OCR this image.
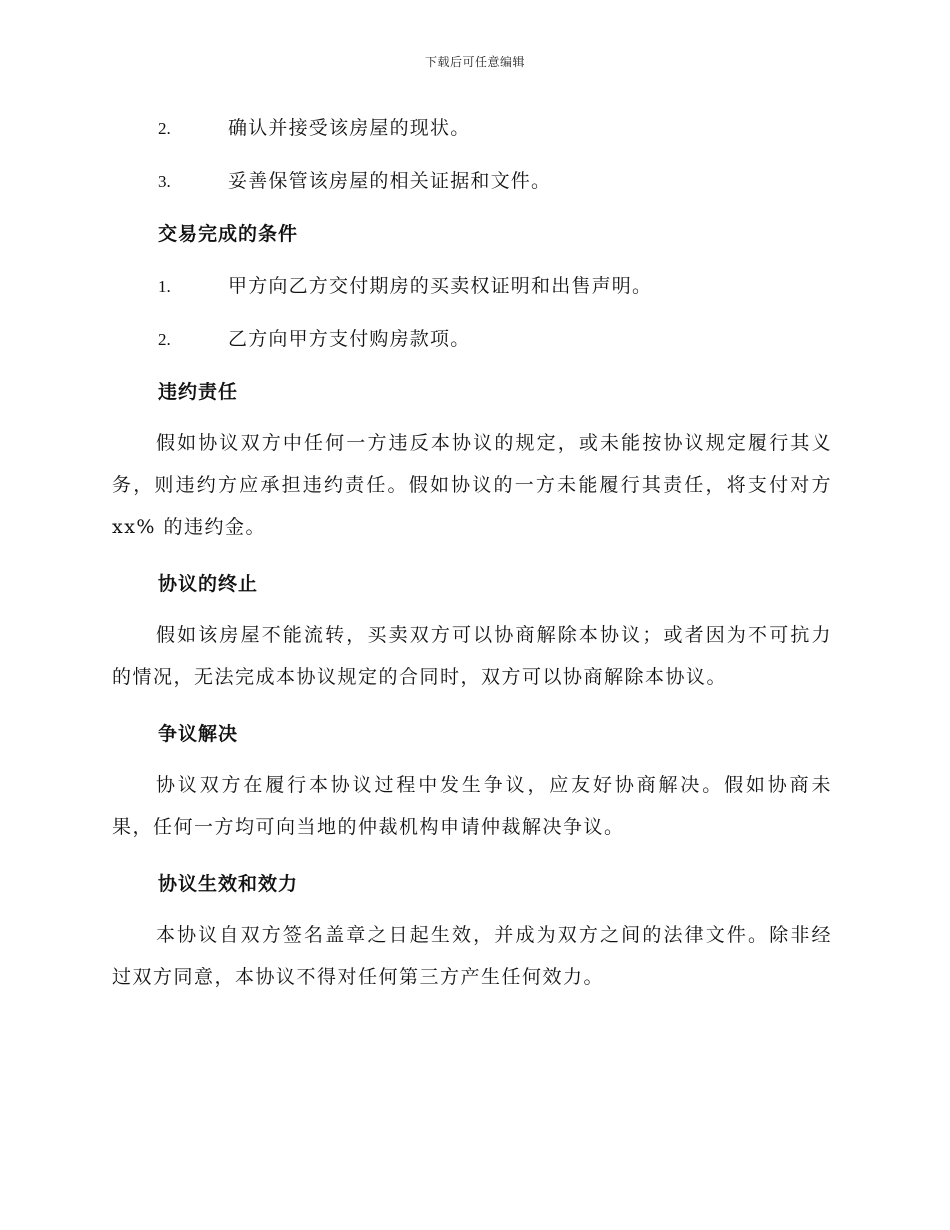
下载后可任意编辑
2.	确认并接受该房屋的现状。
3.	妥善保管该房屋的相关证据和文件。
交易完成的条件
1.	甲方向乙方交付期房的买卖权证明和出售声明。
2.	乙方向甲方支付购房款项。
违约责任

假如协议双方中任何一方违反本协议的规定，或未能按协议规定履行其义务，则违约方应承担违约责任。假如协议的一方未能履行其责任，将支付对方 xx% 的违约金。

协议的终止

假如该房屋不能流转，买卖双方可以协商解除本协议；或者因为不可抗力的情况，无法完成本协议规定的合同时，双方可以协商解除本协议。

争议解决

协议双方在履行本协议过程中发生争议，应友好协商解决。假如协商未果，任何一方均可向当地的仲裁机构申请仲裁解决争议。

协议生效和效力

本协议自双方签名盖章之日起生效，并成为双方之间的法律文件。除非经过双方同意，本协议不得对任何第三方产生任何效力。
